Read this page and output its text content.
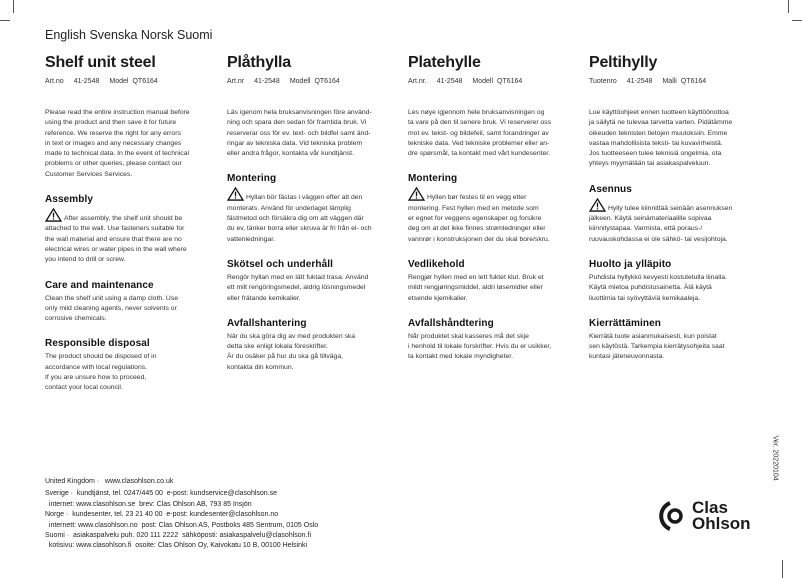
English Svenska Norsk Suomi
Shelf unit steel
Art.no 41-2548 Model QT6164
Please read the entire instruction manual before
using the product and then save it for future
reference. We reserve the right for any errors
in text or images and any necessary changes
made to technical data. In the event of technical
problems or other queries, please contact our
Customer Services Services.
Assembly

After assembly, the shelf unit should be
attached to the wall. Use fasteners suitable for
the wall material and ensure that there are no
electrical wires or water pipes in the wall where
you intend to drill or screw.

Care and maintenance

Clean the shelf unit using a damp cloth. Use
only mild cleaning agents, never solvents or
corrosive chemicals.

Responsible disposal

The product should be disposed of in
accordance with local regulations.
If you are unsure how to proceed,
contact your local council.

Plåthylla
Art.nr 41-2548 Modell QT6164
Läs igenom hela bruksanvisningen före använd-
ning och spara den sedan för framtida bruk. Vi
reserverar oss för ev. text- och bildfel samt änd-
ringar av tekniska data. Vid tekniska problem
eller andra frågor, kontakta vår kundtjänst.
Montering

Hyllan bör fästas i väggen efter att den
monterats. Använd för underlaget lämplig
fästmetod och försäkra dig om att väggen där
du ev, tänker borra eller skruva är fri från el- och
vattenledningar.

Skötsel och underhåll

Rengör hyllan med en lätt fuktad trasa. Använd
ett milt rengöringsmedel, aldrig lösningsmedel
eller frätande kemikalier.

Avfallshantering

När du ska göra dig av med produkten ska
detta ske enligt lokala föreskrifter.
Är du osäker på hur du ska gå tillväga,
kontakta din kommun.

Platehylle
Art.nr. 41-2548 Modell QT6164
Les nøye igjennom hele bruksanvisningen og
ta vare på den til senere bruk. Vi reserverer oss
mot ev. tekst- og bildefeil, samt forandringer av
tekniske data. Ved tekniske problemer eller an-
dre spørsmål, ta kontakt med vårt kundesenter.
Montering

Hyllen bør festes til en vegg etter
montering. Fest hyllen med en metode som
er egnet for veggens egenskaper og forsikre
deg om at det ikke finnes strømledninger eller
vannrør i konstruksjonen der du skal bore/skru.

Vedlikehold

Rengjør hyllen med en lett fuktet klut. Bruk et
mildt rengjøringsmiddel, aldri løsemidler eller
etsende kjemikalier.

Avfallshåndtering

Når produktet skal kasseres må det skje
i henhold til lokale forskrifter. Hvis du er usikker,
ta kontakt med lokale myndigheter.

Peltihylly
Tuotenro 41-2548 Malli QT6164
Lue käyttöohjeet ennen tuotteen käyttöönottoa
ja säilytä ne tulevaa tarvetta varten. Pidätämme
oikeuden teknisten tietojen muutoksiin. Emme
vastaa mahdollisista teksti- tai kuvavirheistä.
Jos tuotteeseen tulee teknisiä ongelmia, ota
yhteys myymälään tai asiakaspalveluun.
Asennus

Hylly tulee kiinnittää seinään asennuksen
jälkeen. Käytä seinämateriaalille sopivaa
kiinnitystapaa. Varmista, että poraus-/
ruuvauskohdassa ei ole sähkö- tai vesijohtoja.

Huolto ja ylläpito

Puhdista hyllykkö kevyesti kostutetulla liinalla.
Käytä mietoa puhdistusainetta. Älä käytä
liuottimia tai syövyttäviä kemikaaleja.

Kierrättäminen

Kierrätä tuote asianmukaisesti, kun poistat
sen käytöstä. Tarkempia kierrätysohjeita saat
kuntasi jäteneuvonnasta.

United Kingdom ·   www.clasohlson.co.uk
Sverige ·  kundtjänst, tel. 0247/445 00  e-post: kundservice@clasohlson.se
internet: www.clasohlson.se  brev: Clas Ohlson AB, 793 85 Insjön
Norge ·  kundesenter, tel. 23 21 40 00  e-post: kundesenter@clasohlson.no
internett: www.clasohlson.no  post: Clas Ohlson AS, Postboks 485 Sentrum, 0105 Oslo
Suomi ·  asiakaspalvelu puh. 020 111 2222  sähköposti: asiakaspalvelu@clasohlson.fi
kotisivu: www.clasohlson.fi  osoite: Clas Ohlson Oy, Kaivokatu 10 B, 00100 Helsinki
Ver. 20220104
Clas
Ohlson
